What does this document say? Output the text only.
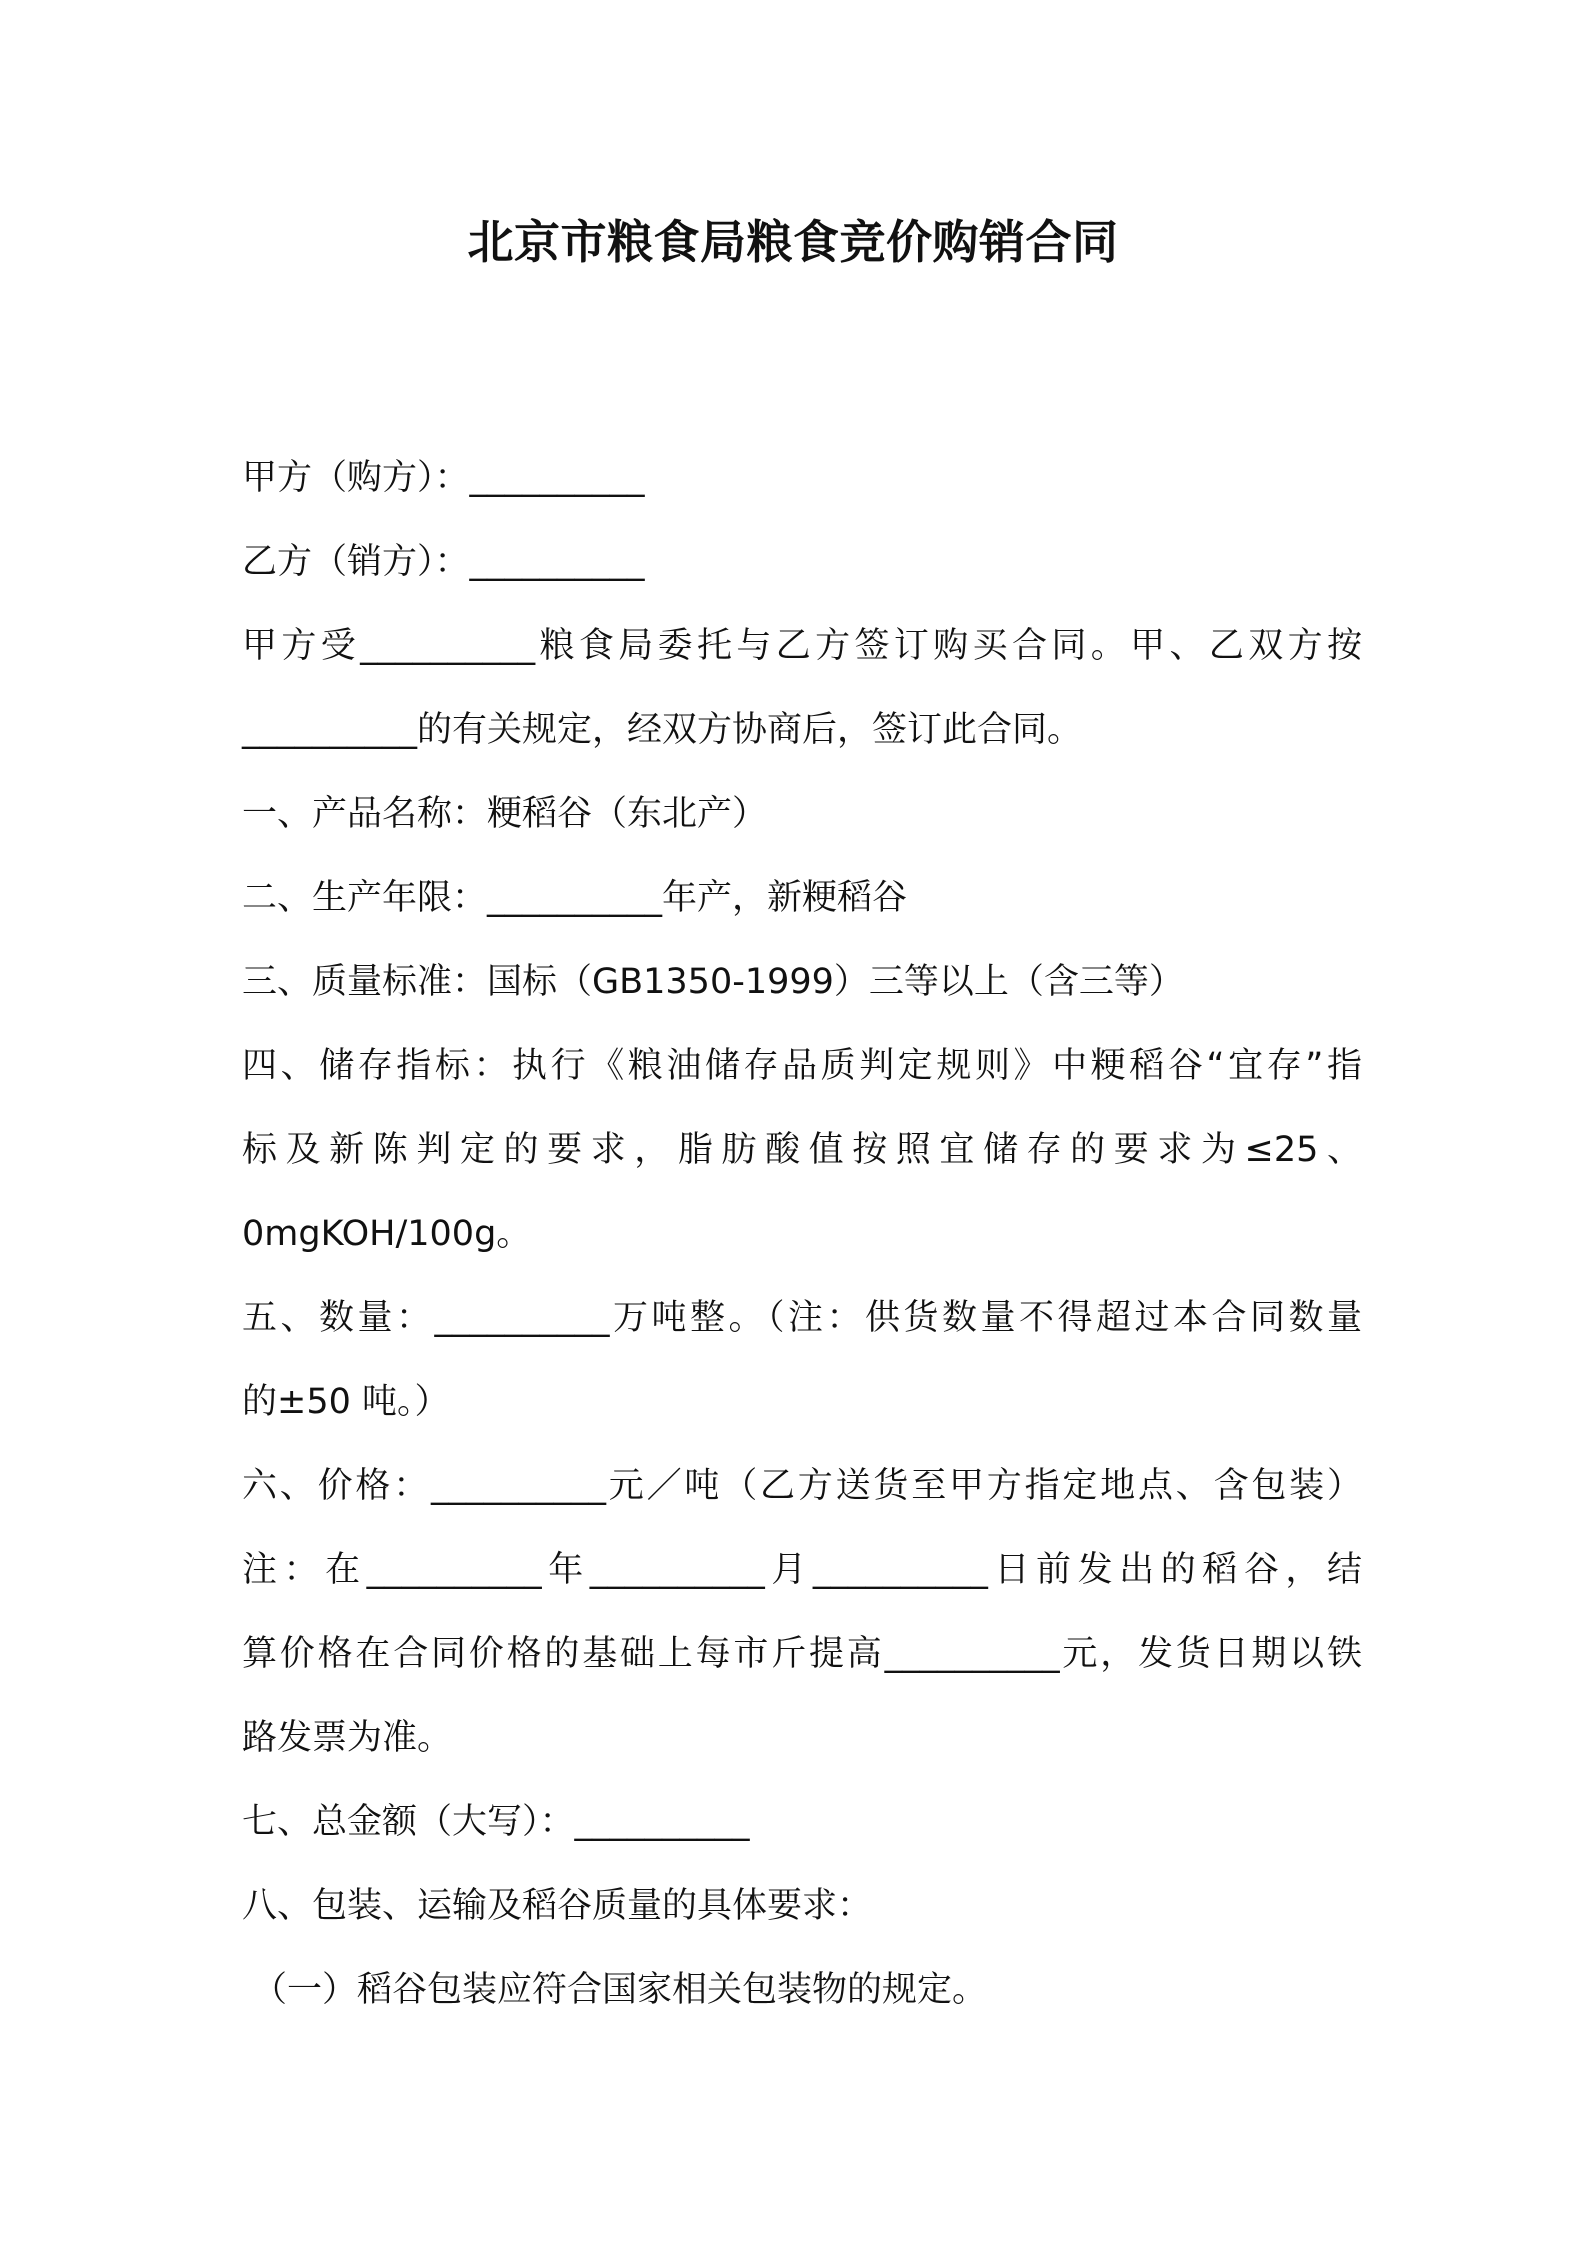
北京市粮食局粮食竞价购销合同
甲方（购方）：__________
乙方（销方）：__________
甲方受__________粮食局委托与乙方签订购买合同。甲、乙双方按
__________的有关规定，经双方协商后，签订此合同。
一、产品名称：粳稻谷（东北产）
二、生产年限：__________年产，新粳稻谷
三、质量标准：国标（GB1350-1999）三等以上（含三等）
四、储存指标：执行《粮油储存品质判定规则》中粳稻谷“宜存”指
标及新陈判定的要求，脂肪酸值按照宜储存的要求为≤25、
0mgKOH/100g。
五、数量：__________万吨整。（注：供货数量不得超过本合同数量
的±50 吨。）
六、价格：__________元／吨（乙方送货至甲方指定地点、含包装）
注：在__________年__________月__________日前发出的稻谷，结
算价格在合同价格的基础上每市斤提高__________元，发货日期以铁
路发票为准。
七、总金额（大写）：__________
八、包装、运输及稻谷质量的具体要求：
（一）稻谷包装应符合国家相关包装物的规定。
